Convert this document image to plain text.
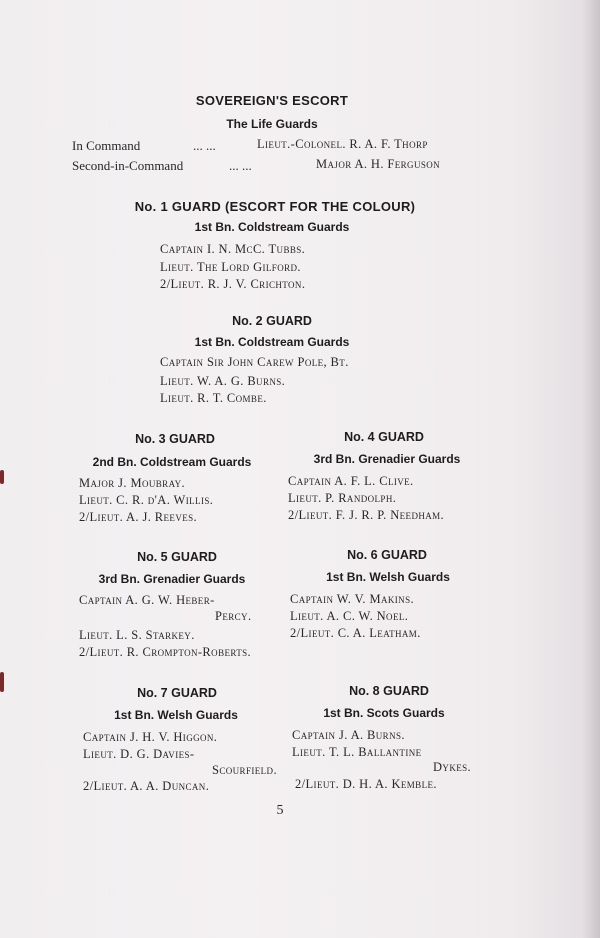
SOVEREIGN'S ESCORT
The Life Guards
In Command	... ...	Lieut.-Colonel. R. A. F. Thorp
Second-in-Command	... ...	Major A. H. Ferguson
No. 1 GUARD (ESCORT FOR THE COLOUR)
1st Bn. Coldstream Guards
Captain I. N. McC. Tubbs.
Lieut. The Lord Gilford.
2/Lieut. R. J. V. Crichton.
No. 2 GUARD
1st Bn. Coldstream Guards
Captain Sir John Carew Pole, Bt.
Lieut. W. A. G. Burns.
Lieut. R. T. Combe.
No. 3 GUARD
2nd Bn. Coldstream Guards
Major J. Moubray.
Lieut. C. R. d'A. Willis.
2/Lieut. A. J. Reeves.
No. 4 GUARD
3rd Bn. Grenadier Guards
Captain A. F. L. Clive.
Lieut. P. Randolph.
2/Lieut. F. J. R. P. Needham.
No. 5 GUARD
3rd Bn. Grenadier Guards
Captain A. G. W. Heber-
Percy.
Lieut. L. S. Starkey.
2/Lieut. R. Crompton-Roberts.
No. 6 GUARD
1st Bn. Welsh Guards
Captain W. V. Makins.
Lieut. A. C. W. Noel.
2/Lieut. C. A. Leatham.
No. 7 GUARD
1st Bn. Welsh Guards
Captain J. H. V. Higgon.
Lieut. D. G. Davies-
Scourfield.
2/Lieut. A. A. Duncan.
No. 8 GUARD
1st Bn. Scots Guards
Captain J. A. Burns.
Lieut. T. L. Ballantine
Dykes.
2/Lieut. D. H. A. Kemble.
5
